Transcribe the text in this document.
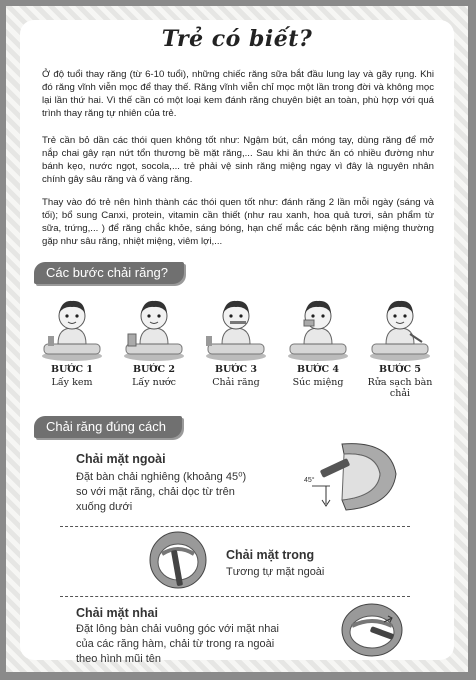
Trẻ có biết?
Ở độ tuổi thay răng (từ 6-10 tuổi), những chiếc răng sữa bắt đầu lung lay và gãy rụng. Khi đó răng vĩnh viễn mọc để thay thế. Răng vĩnh viễn chỉ mọc một lần trong đời và không mọc lại lần thứ hai. Vì thế cần có một loại kem đánh răng chuyên biệt an toàn, phù hợp với quá trình thay răng tự nhiên của trẻ.
Trẻ cần bỏ dần các thói quen không tốt như: Ngậm bút, cắn móng tay, dùng răng để mở nắp chai gây rạn nứt tổn thương bề mặt răng,... Sau khi ăn thức ăn có nhiều đường như bánh kẹo, nước ngọt, socola,... trẻ phải vệ sinh răng miệng ngay vì đây là nguyên nhân chính gây sâu răng và ố vàng răng.
Thay vào đó trẻ nên hình thành các thói quen tốt như: đánh răng 2 lần mỗi ngày (sáng và tối); bổ sung Canxi, protein, vitamin cần thiết (như rau xanh, hoa quả tươi, sản phẩm từ sữa, trứng,... ) để răng chắc khỏe, sáng bóng, hạn chế mắc các bệnh răng miệng thường gặp như sâu răng, nhiệt miệng, viêm lợi,...
Các bước chải răng?
BƯỚC 1
Lấy kem
BƯỚC 2
Lấy nước
BƯỚC 3
Chải răng
BƯỚC 4
Súc miệng
BƯỚC 5
Rửa sạch bàn chải
Chải răng đúng cách
Chải mặt ngoài
Đặt bàn chải nghiêng (khoảng 45⁰)
so với mặt răng, chải dọc từ trên
xuống dưới
45°
Chải mặt trong
Tương tự mặt ngoài
Chải mặt nhai
Đặt lông bàn chải vuông góc với mặt nhai
của các răng hàm, chải từ trong ra ngoài
theo hình mũi tên
